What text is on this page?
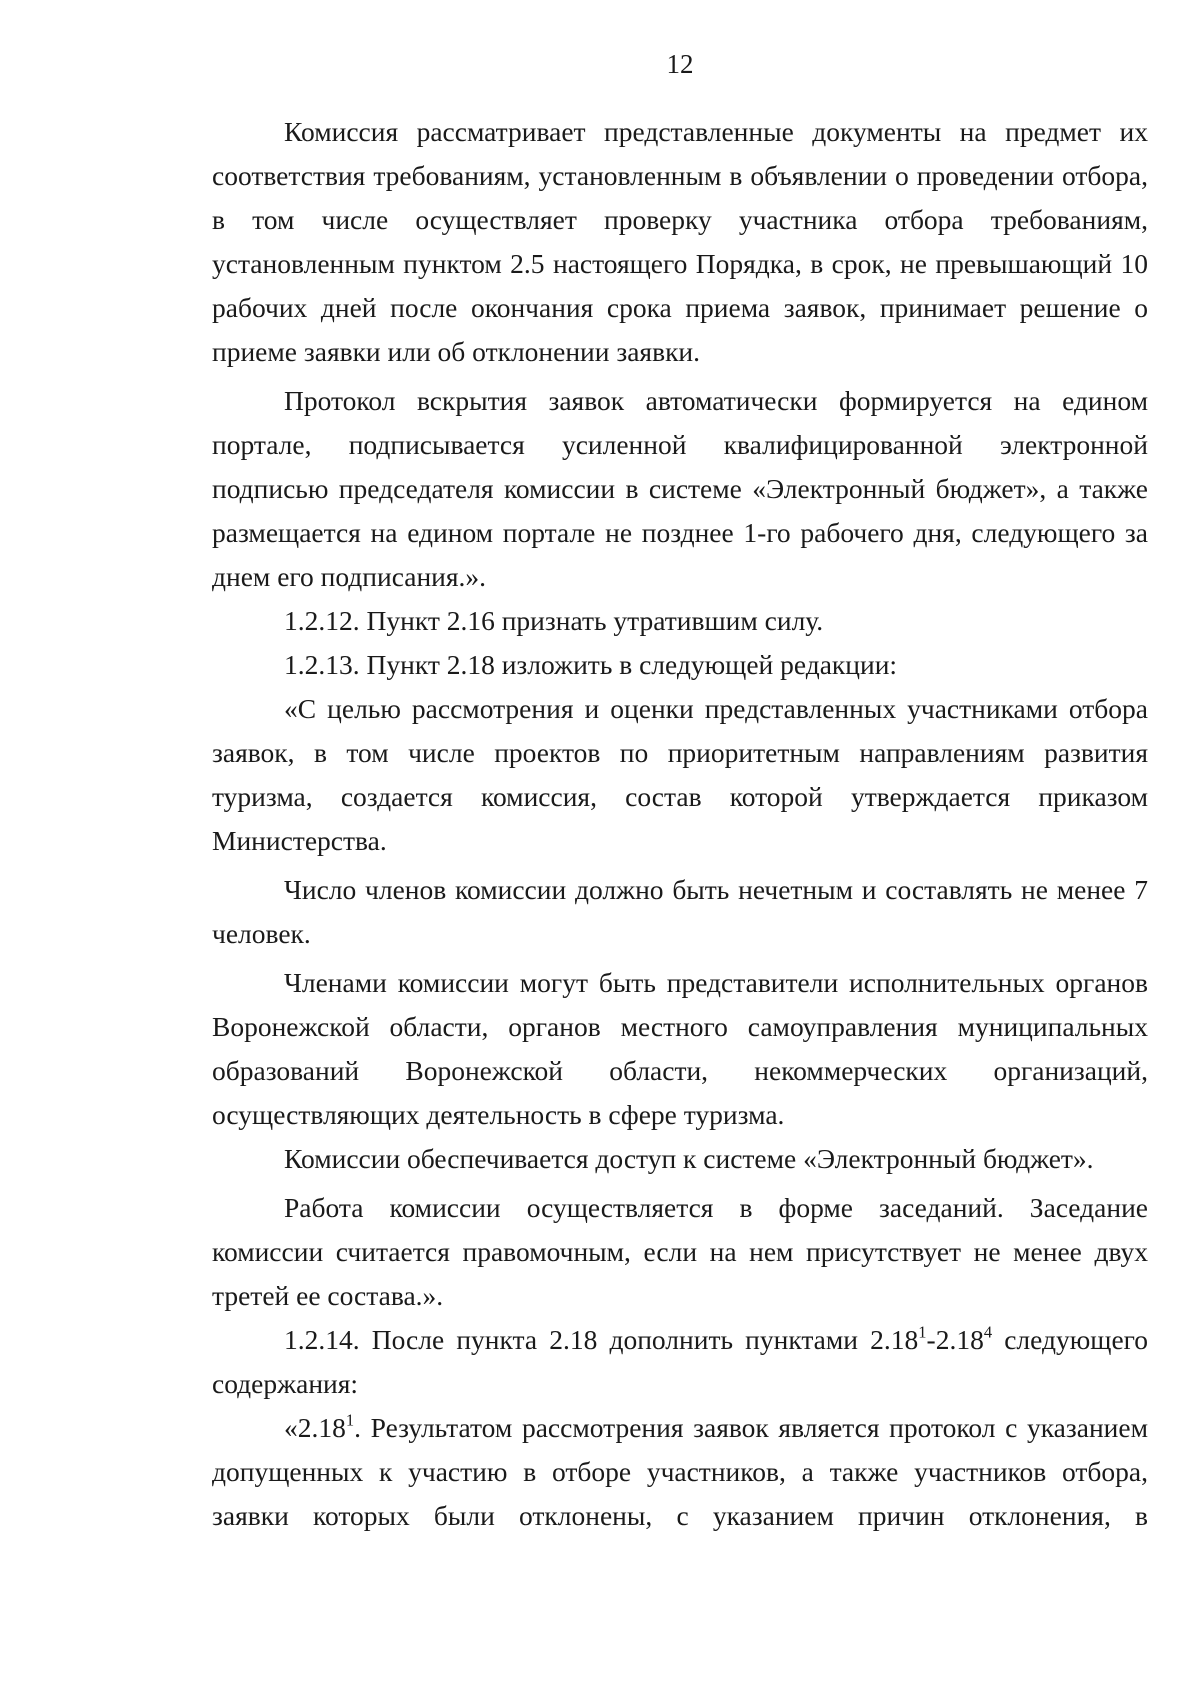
12

Комиссия рассматривает представленные документы на предмет их соответствия требованиям, установленным в объявлении о проведении отбора, в том числе осуществляет проверку участника отбора требованиям, установленным пунктом 2.5 настоящего Порядка, в срок, не превышающий 10 рабочих дней после окончания срока приема заявок, принимает решение о приеме заявки или об отклонении заявки.

Протокол вскрытия заявок автоматически формируется на едином портале, подписывается усиленной квалифицированной электронной подписью председателя комиссии в системе «Электронный бюджет», а также размещается на едином портале не позднее 1-го рабочего дня, следующего за днем его подписания.».

1.2.12. Пункт 2.16 признать утратившим силу.

1.2.13. Пункт 2.18 изложить в следующей редакции:

«С целью рассмотрения и оценки представленных участниками отбора заявок, в том числе проектов по приоритетным направлениям развития туризма, создается комиссия, состав которой утверждается приказом Министерства.

Число членов комиссии должно быть нечетным и составлять не менее 7 человек.

Членами комиссии могут быть представители исполнительных органов Воронежской области, органов местного самоуправления муниципальных образований Воронежской области, некоммерческих организаций, осуществляющих деятельность в сфере туризма.

Комиссии обеспечивается доступ к системе «Электронный бюджет».

Работа комиссии осуществляется в форме заседаний. Заседание комиссии считается правомочным, если на нем присутствует не менее двух третей ее состава.».

1.2.14. После пункта 2.18 дополнить пунктами 2.18$^1$-2.18$^4$ следующего содержания:

«2.18$^1$. Результатом рассмотрения заявок является протокол с указанием допущенных к участию в отборе участников, а также участников отбора, заявки которых были отклонены, с указанием причин отклонения, в
